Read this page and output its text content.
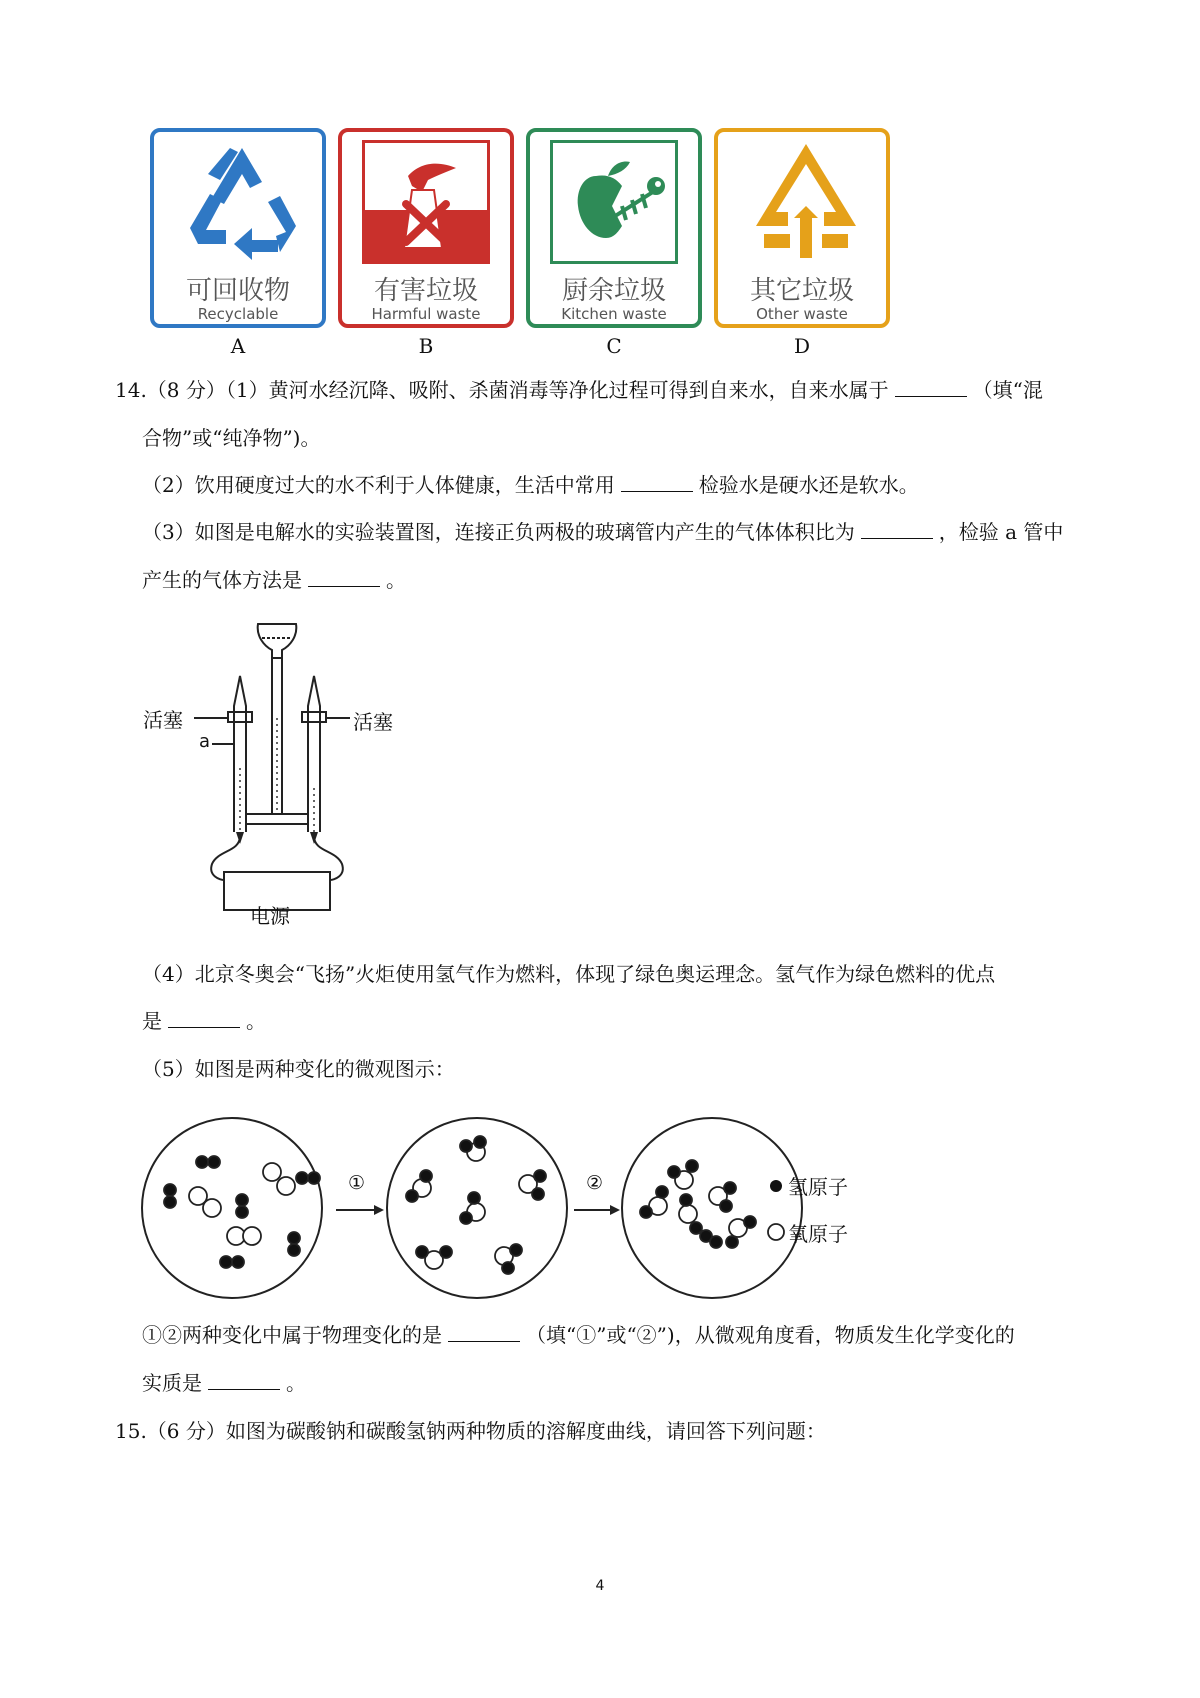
可回收物
Recyclable
有害垃圾
Harmful waste
厨余垃圾
Kitchen waste
其它垃圾
Other waste
A	B	C	D
14.（8 分）（1）黄河水经沉降、吸附、杀菌消毒等净化过程可得到自来水，自来水属于	（填“混
合物”或“纯净物”)。
（2）饮用硬度过大的水不利于人体健康，生活中常用	检验水是硬水还是软水。
（3）如图是电解水的实验装置图，连接正负两极的玻璃管内产生的气体体积比为	，检验 a 管中
产生的气体方法是	。
活塞	活塞
a
电源
（4）北京冬奥会“飞扬”火炬使用氢气作为燃料，体现了绿色奥运理念。氢气作为绿色燃料的优点
是	。
（5）如图是两种变化的微观图示：
①	②	氢原子
氧原子
①②两种变化中属于物理变化的是	（填“①”或“②”)，从微观角度看，物质发生化学变化的
实质是	。
15.（6 分）如图为碳酸钠和碳酸氢钠两种物质的溶解度曲线，请回答下列问题：
4
